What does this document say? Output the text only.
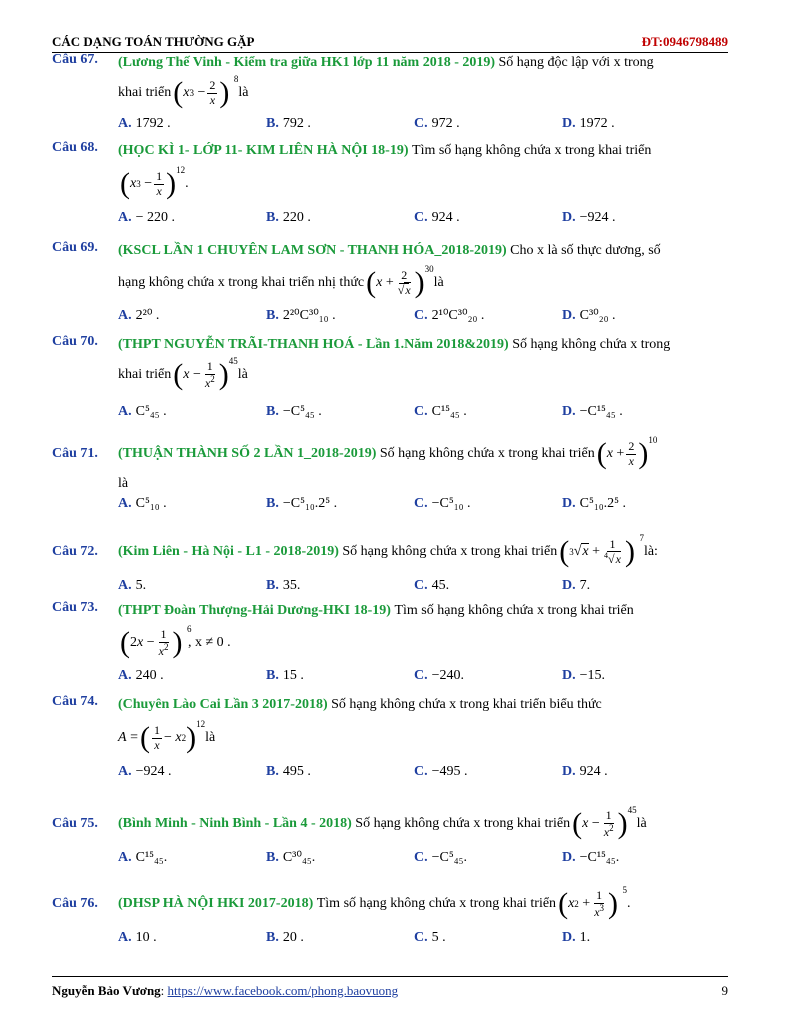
CÁC DẠNG TOÁN THƯỜNG GẶP	ĐT:0946798489
Câu 67. (Lương Thế Vinh - Kiểm tra giữa HK1 lớp 11 năm 2018 - 2019)
Số hạng độc lập với x trong
khai triển ( x $3 - \frac{2}{x}$ ) $^8$

là
A. 1792 .	B. 792 .	C. 972 .	D. 1972 .
Câu 68. (HỌC KÌ 1- LỚP 11- KIM LIÊN HÀ NỘI 18-19)
Tìm số hạng không chứa x trong khai triển
( x $3 - \frac{1}{x} )^{12}$
.
A. − 220 .	B. 220 .	C. 924 .	D. −924 .
Câu 69. (KSCL LẦN 1 CHUYÊN LAM SƠN - THANH HÓA_2018-2019)
Cho x là số thực dương, số
hạng không chứa x trong khai triển nhị thức ( $x + \frac{2}{√x} )^{30}$

là
A. 2²⁰ .	B. 2²⁰C³⁰₁₀ .	C. 2¹⁰C³⁰₂₀ .	D. C³⁰₂₀ .
Câu 70. (THPT NGUYỄN TRÃI-THANH HOÁ - Lần 1.Năm 2018&2019)
Số hạng không chứa x trong
khai triển ( $x - \frac{1}{x^2} )^{45}$

là
A. C⁵₄₅ .	B. −C⁵₄₅ .	C. C¹⁵₄₅ .	D. −C¹⁵₄₅ .
Câu 71. (THUẬN THÀNH SỐ 2 LẦN 1_2018-2019)
Số hạng không chứa x trong khai triển ( $x + \frac{2}{x} )^{10}$
là
A. C⁵₁₀ .	B. −C⁵₁₀.2⁵ .	C. −C⁵₁₀ .	D. C⁵₁₀.2⁵ .
Câu 72. (Kim Liên - Hà Nội - L1 - 2018-2019)
Số hạng không chứa x trong khai triển ( 3 √ $x + \frac{1}{^4√x}$ ) $^7$

là:
A. 5.	B. 35.	C. 45.	D. 7.
Câu 73. (THPT Đoàn Thượng-Hải Dương-HKI 18-19)
Tìm số hạng không chứa x trong khai triển
( 2 $x - \frac{1}{x^2}$ ) $^6$

, x ≠ 0 .
A. 240 .	B. 15 .	C. −240.	D. −15.
Câu 74. (Chuyên Lào Cai Lần 3 2017-2018)
Số hạng không chứa x trong khai triển biểu thức
A = ( $\frac{1}{x} - x$ 2 )$^{12}$

là
A. −924 .	B. 495 .	C. −495 .	D. 924 .
Câu 75. (Bình Minh - Ninh Bình - Lần 4 - 2018)
Số hạng không chứa x trong khai triển ( $x - \frac{1}{x^2} )^{45}$

là
A. C¹⁵₄₅.	B. C³⁰₄₅.	C. −C⁵₄₅.	D. −C¹⁵₄₅.
Câu 76. (DHSP HÀ NỘI HKI 2017-2018)
Tìm số hạng không chứa x trong khai triển ( x $2 + \frac{1}{x^3}$ ) $^5$

.
A. 10 .	B. 20 .	C. 5 .	D. 1.
Nguyễn Bảo Vương: https://www.facebook.com/phong.baovuong	9
